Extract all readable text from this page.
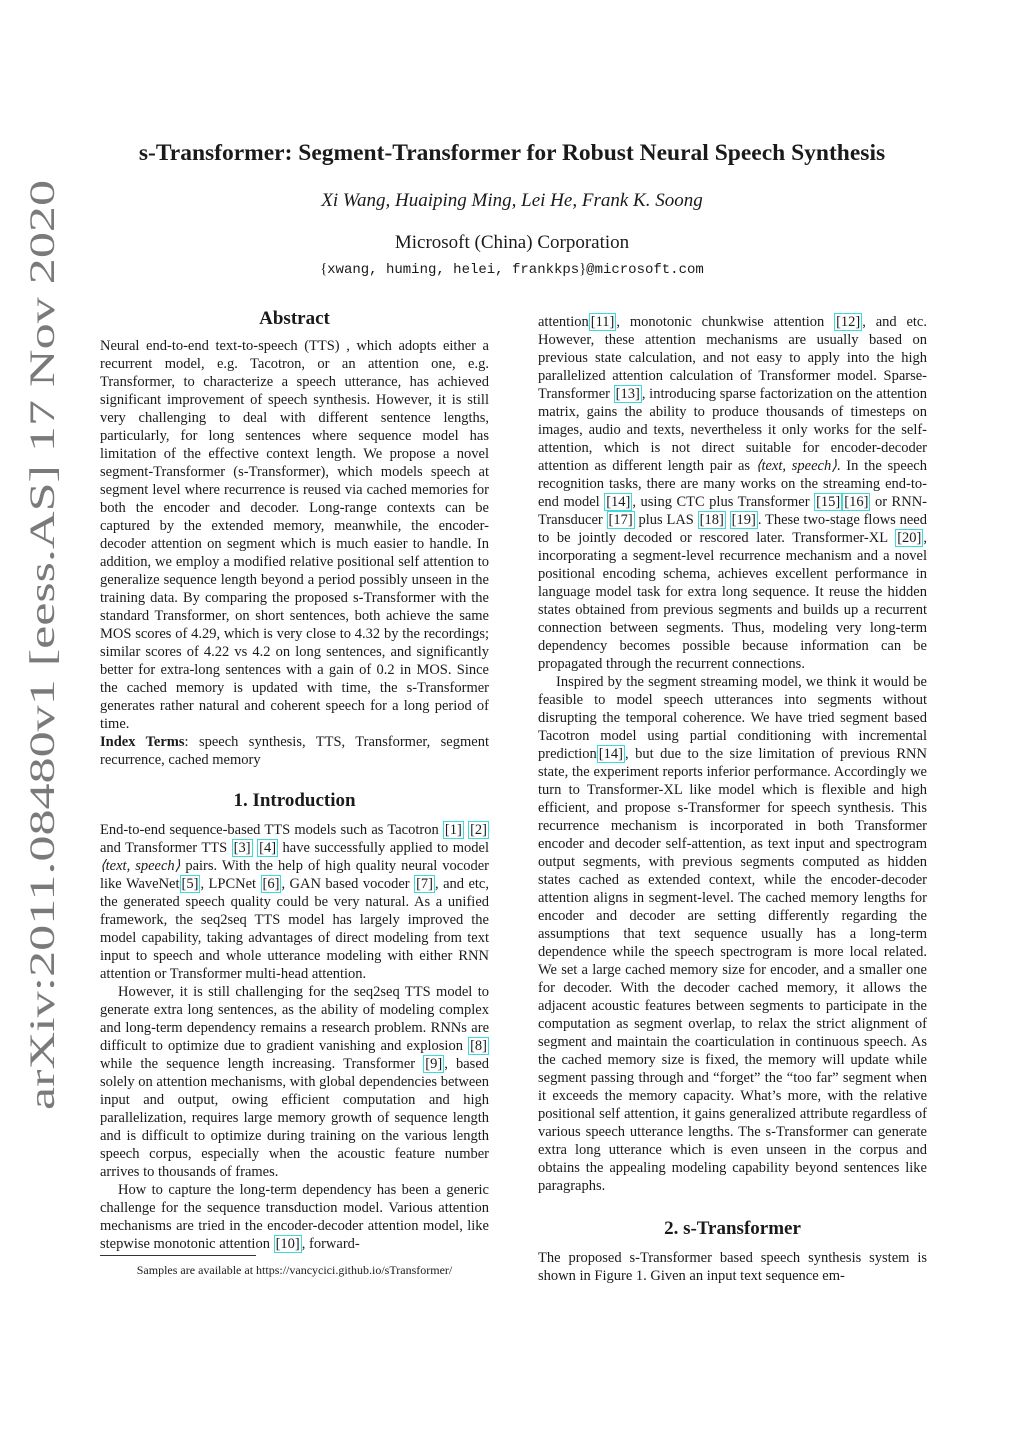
arXiv:2011.08480v1 [eess.AS] 17 Nov 2020
s-Transformer: Segment-Transformer for Robust Neural Speech Synthesis
Xi Wang, Huaiping Ming, Lei He, Frank K. Soong
Microsoft (China) Corporation
{xwang, huming, helei, frankkps}@microsoft.com
Abstract

Neural end-to-end text-to-speech (TTS) , which adopts either a recurrent model, e.g. Tacotron, or an attention one, e.g. Transformer, to characterize a speech utterance, has achieved significant improvement of speech synthesis. However, it is still very challenging to deal with different sentence lengths, particularly, for long sentences where sequence model has limitation of the effective context length. We propose a novel segment-Transformer (s-Transformer), which models speech at segment level where recurrence is reused via cached memories for both the encoder and decoder. Long-range contexts can be captured by the extended memory, meanwhile, the encoder-decoder attention on segment which is much easier to handle. In addition, we employ a modified relative positional self attention to generalize sequence length beyond a period possibly unseen in the training data. By comparing the proposed s-Transformer with the standard Transformer, on short sentences, both achieve the same MOS scores of 4.29, which is very close to 4.32 by the recordings; similar scores of 4.22 vs 4.2 on long sentences, and significantly better for extra-long sentences with a gain of 0.2 in MOS. Since the cached memory is updated with time, the s-Transformer generates rather natural and coherent speech for a long period of time.

Index Terms: speech synthesis, TTS, Transformer, segment recurrence, cached memory

1. Introduction

End-to-end sequence-based TTS models such as Tacotron [1] [2] and Transformer TTS [3] [4] have successfully applied to model ⟨text, speech⟩ pairs. With the help of high quality neural vocoder like WaveNet [5] , LPCNet [6] , GAN based vocoder [7] , and etc, the generated speech quality could be very natural. As a unified framework, the seq2seq TTS model has largely improved the model capability, taking advantages of direct modeling from text input to speech and whole utterance modeling with either RNN attention or Transformer multi-head attention.

However, it is still challenging for the seq2seq TTS model to generate extra long sentences, as the ability of modeling complex and long-term dependency remains a research problem. RNNs are difficult to optimize due to gradient vanishing and explosion [8] while the sequence length increasing. Transformer [9] , based solely on attention mechanisms, with global dependencies between input and output, owing efficient computation and high parallelization, requires large memory growth of sequence length and is difficult to optimize during training on the various length speech corpus, especially when the acoustic feature number arrives to thousands of frames.

How to capture the long-term dependency has been a generic challenge for the sequence transduction model. Various attention mechanisms are tried in the encoder-decoder attention model, like stepwise monotonic attention [10] , forward-

Samples are available at https://vancycici.github.io/sTransformer/

attention [11] , monotonic chunkwise attention [12] , and etc. However, these attention mechanisms are usually based on previous state calculation, and not easy to apply into the high parallelized attention calculation of Transformer model. Sparse-Transformer [13] , introducing sparse factorization on the attention matrix, gains the ability to produce thousands of timesteps on images, audio and texts, nevertheless it only works for the self-attention, which is not direct suitable for encoder-decoder attention as different length pair as ⟨text, speech⟩. In the speech recognition tasks, there are many works on the streaming end-to-end model [14] , using CTC plus Transformer [15] [16] or RNN-Transducer [17] plus LAS [18] [19] . These two-stage flows need to be jointly decoded or rescored later. Transformer-XL [20] , incorporating a segment-level recurrence mechanism and a novel positional encoding schema, achieves excellent performance in language model task for extra long sequence. It reuse the hidden states obtained from previous segments and builds up a recurrent connection between segments. Thus, modeling very long-term dependency becomes possible because information can be propagated through the recurrent connections.

Inspired by the segment streaming model, we think it would be feasible to model speech utterances into segments without disrupting the temporal coherence. We have tried segment based Tacotron model using partial conditioning with incremental prediction [14] , but due to the size limitation of previous RNN state, the experiment reports inferior performance. Accordingly we turn to Transformer-XL like model which is flexible and high efficient, and propose s-Transformer for speech synthesis. This recurrence mechanism is incorporated in both Transformer encoder and decoder self-attention, as text input and spectrogram output segments, with previous segments computed as hidden states cached as extended context, while the encoder-decoder attention aligns in segment-level. The cached memory lengths for encoder and decoder are setting differently regarding the assumptions that text sequence usually has a long-term dependence while the speech spectrogram is more local related. We set a large cached memory size for encoder, and a smaller one for decoder. With the decoder cached memory, it allows the adjacent acoustic features between segments to participate in the computation as segment overlap, to relax the strict alignment of segment and maintain the coarticulation in continuous speech. As the cached memory size is fixed, the memory will update while segment passing through and “forget” the “too far” segment when it exceeds the memory capacity. What’s more, with the relative positional self attention, it gains generalized attribute regardless of various speech utterance lengths. The s-Transformer can generate extra long utterance which is even unseen in the corpus and obtains the appealing modeling capability beyond sentences like paragraphs.

2. s-Transformer

The proposed s-Transformer based speech synthesis system is shown in Figure 1. Given an input text sequence em-
